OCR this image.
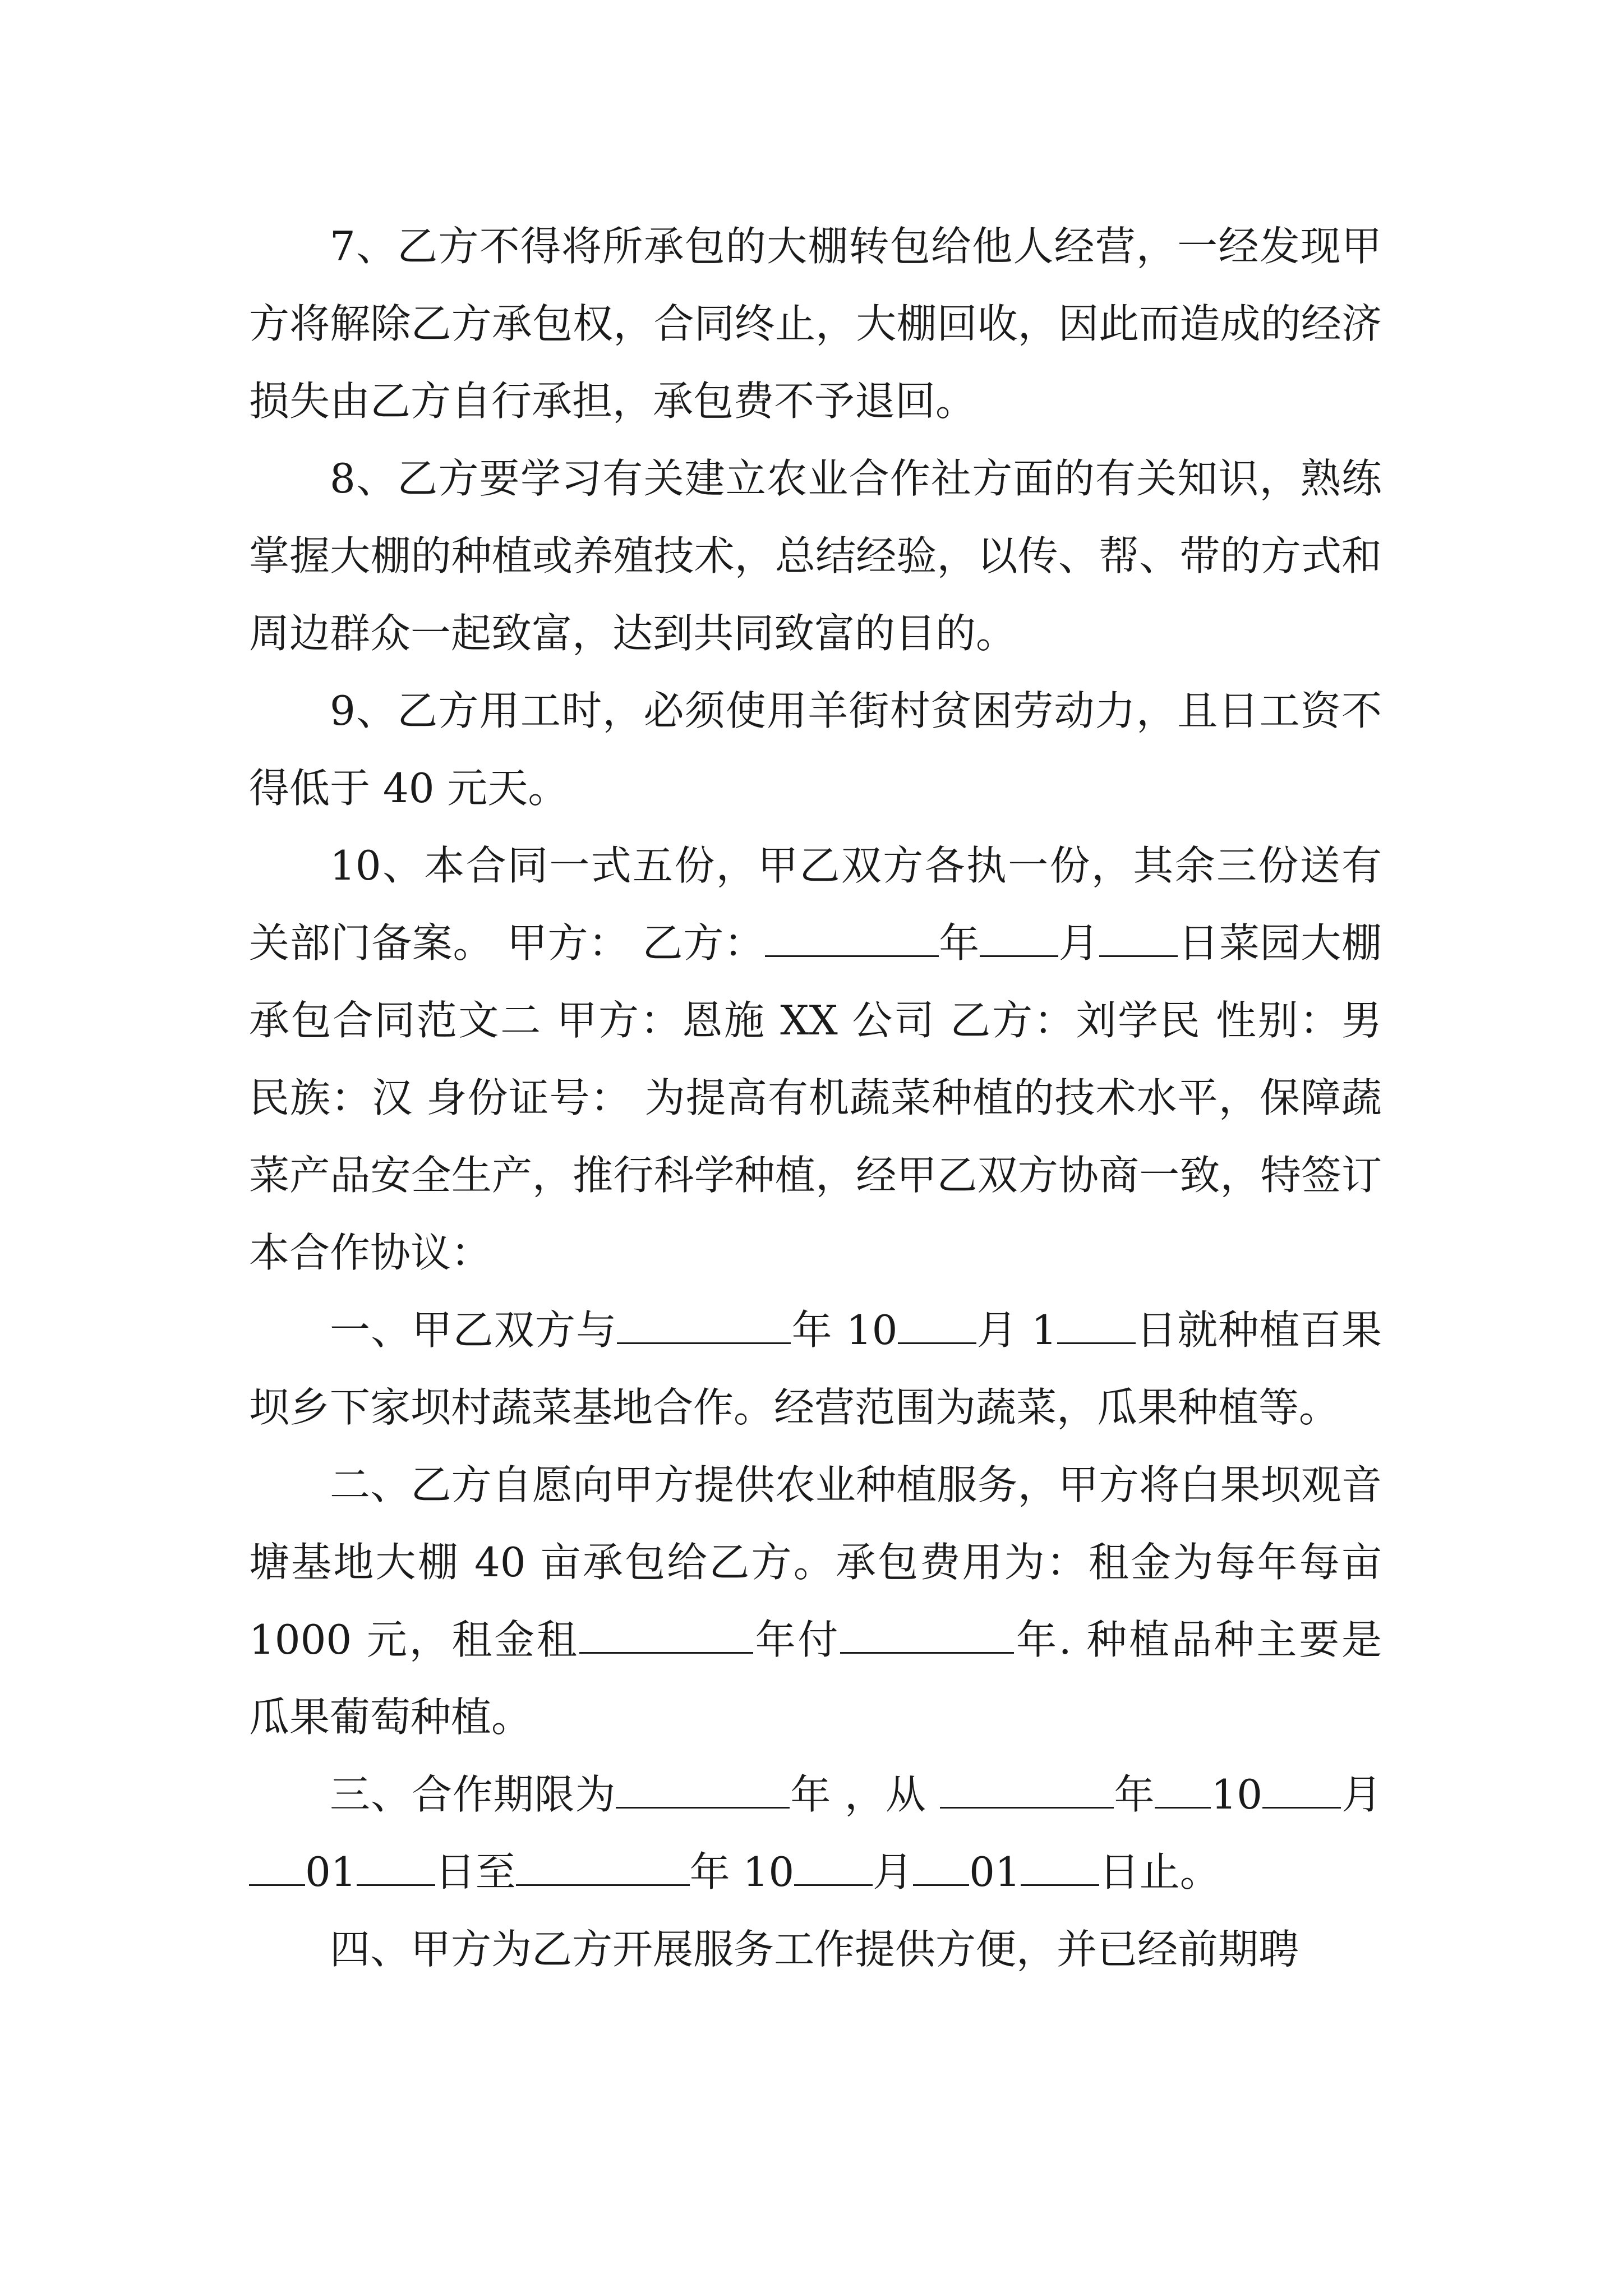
7、乙方不得将所承包的大棚转包给他人经营，一经发现甲方将解除乙方承包权，合同终止，大棚回收，因此而造成的经济损失由乙方自行承担，承包费不予退回。

8、乙方要学习有关建立农业合作社方面的有关知识，熟练掌握大棚的种植或养殖技术，总结经验，以传、帮、带的方式和周边群众一起致富，达到共同致富的目的。

9、乙方用工时，必须使用羊街村贫困劳动力，且日工资不得低于 40 元天。

10、本合同一式五份，甲乙双方各执一份，其余三份送有关部门备案。 甲方： 乙方：	年 月 日菜园大棚承包合同范文二 甲方：恩施 XX 公司 乙方：刘学民 性别：男 民族：汉 身份证号： 为提高有机蔬菜种植的技术水平，保障蔬菜产品安全生产，推行科学种植，经甲乙双方协商一致，特签订本合作协议：

一、甲乙双方与	年 10 月 1 日就种植百果坝乡下家坝村蔬菜基地合作。经营范围为蔬菜，瓜果种植等。

二、乙方自愿向甲方提供农业种植服务，甲方将白果坝观音塘基地大棚 40 亩承包给乙方。承包费用为：租金为每年每亩 1000 元，租金租	年付	年. 种植品种主要是瓜果葡萄种植。

三、合作期限为	年 ，从	年 10 月01 日至	年 10 月 01 日止。

四、甲方为乙方开展服务工作提供方便，并已经前期聘
